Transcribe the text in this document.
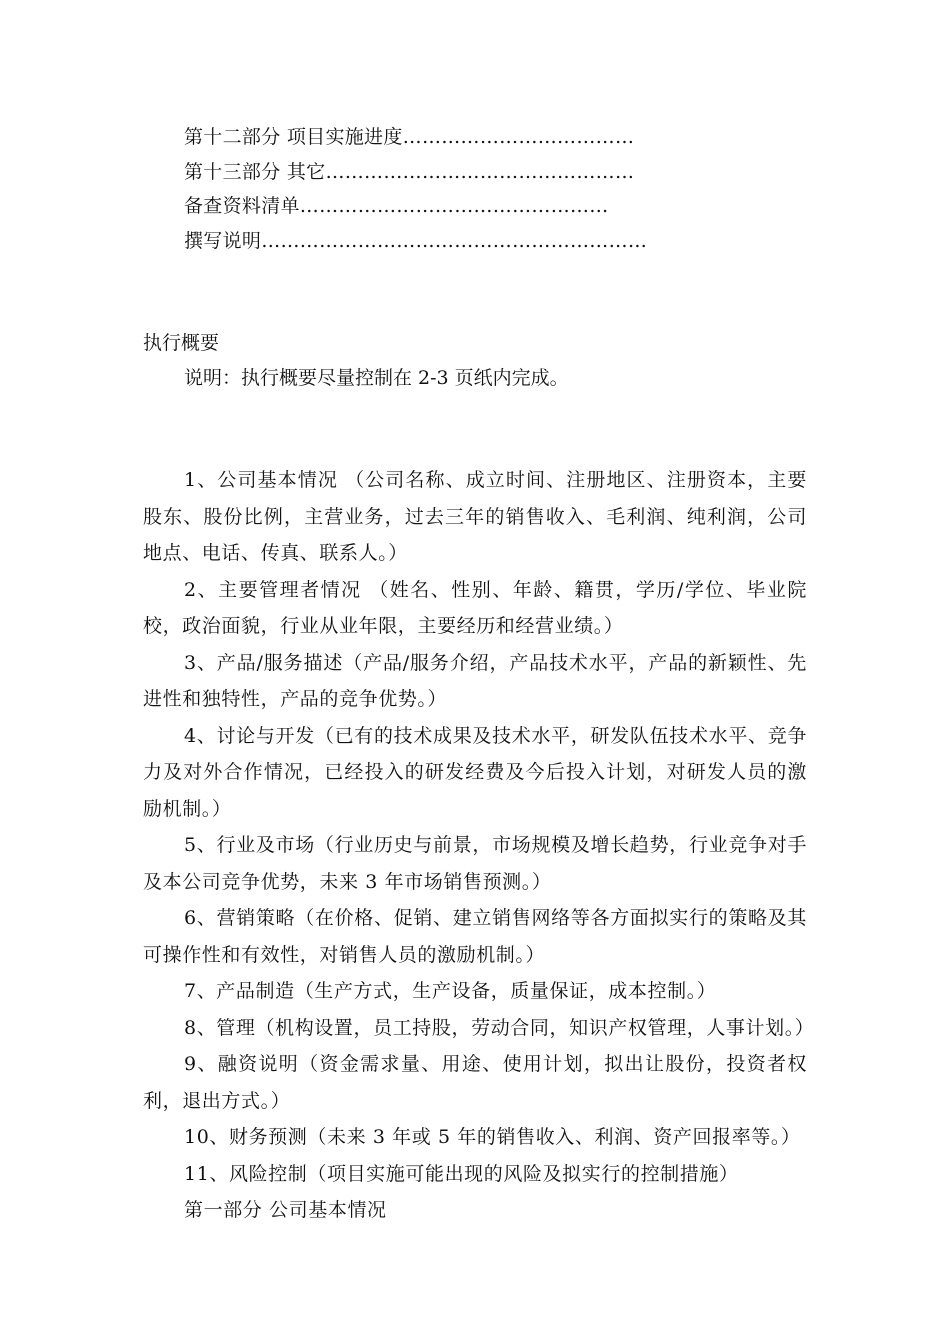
第十二部分 项目实施进度………………………………
第十三部分 其它…………………………………………
备查资料清单…………………………………………
撰写说明……………………………………………………
执行概要
说明：执行概要尽量控制在 2-3 页纸内完成。

1、公司基本情况 （公司名称、成立时间、注册地区、注册资本，主要股东、股份比例，主营业务，过去三年的销售收入、毛利润、纯利润，公司地点、电话、传真、联系人。）

2、主要管理者情况 （姓名、性别、年龄、籍贯，学历/学位、毕业院校，政治面貌，行业从业年限，主要经历和经营业绩。）

3、产品/服务描述（产品/服务介绍，产品技术水平，产品的新颖性、先进性和独特性，产品的竞争优势。）

4、讨论与开发（已有的技术成果及技术水平，研发队伍技术水平、竞争力及对外合作情况，已经投入的研发经费及今后投入计划，对研发人员的激励机制。）

5、行业及市场（行业历史与前景，市场规模及增长趋势，行业竞争对手及本公司竞争优势，未来 3 年市场销售预测。）

6、营销策略（在价格、促销、建立销售网络等各方面拟实行的策略及其可操作性和有效性，对销售人员的激励机制。）

7、产品制造（生产方式，生产设备，质量保证，成本控制。）

8、管理（机构设置，员工持股，劳动合同，知识产权管理，人事计划。）

9、融资说明（资金需求量、用途、使用计划，拟出让股份，投资者权利，退出方式。）

10、财务预测（未来 3 年或 5 年的销售收入、利润、资产回报率等。）

11、风险控制（项目实施可能出现的风险及拟实行的控制措施）

第一部分 公司基本情况
